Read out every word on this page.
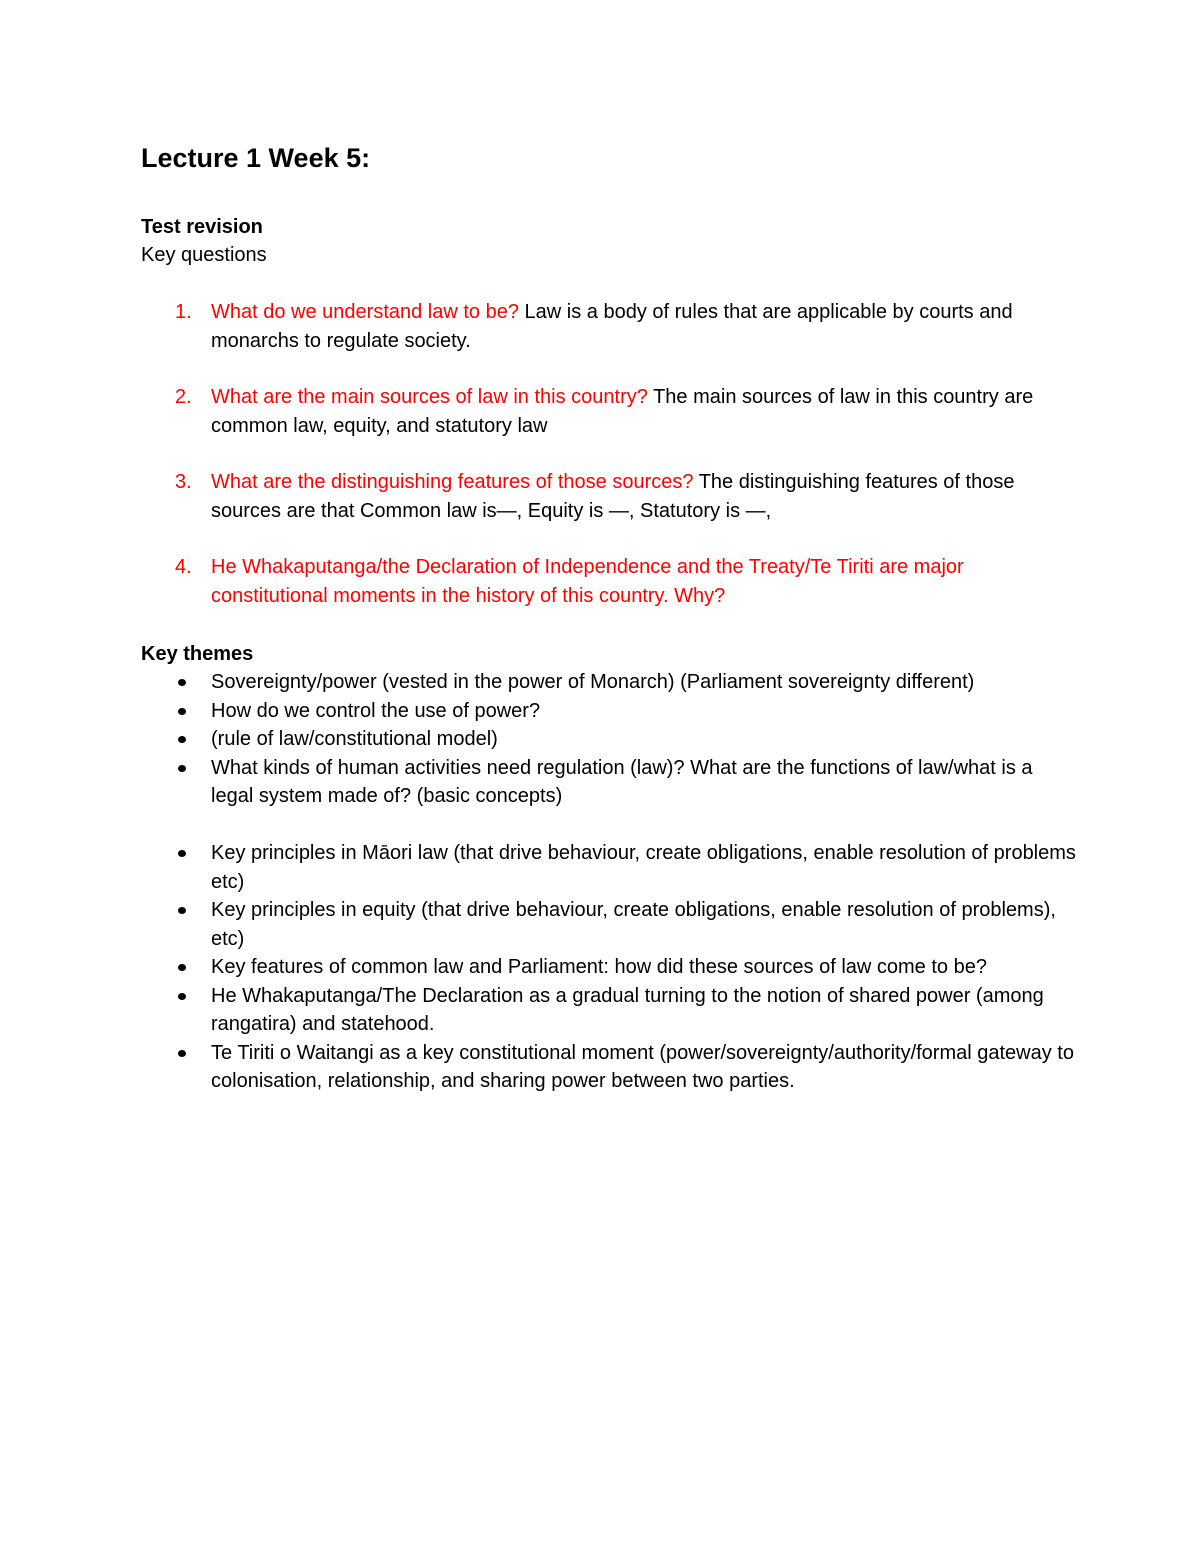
Lecture 1 Week 5:
Test revision

Key questions

1. What do we understand law to be? Law is a body of rules that are applicable by courts and monarchs to regulate society.
2. What are the main sources of law in this country? The main sources of law in this country are common law, equity, and statutory law
3. What are the distinguishing features of those sources? The distinguishing features of those sources are that Common law is—, Equity is —, Statutory is —,
4. He Whakaputanga/the Declaration of Independence and the Treaty/Te Tiriti are major constitutional moments in the history of this country. Why?
Key themes
Sovereignty/power (vested in the power of Monarch) (Parliament sovereignty different)
How do we control the use of power?
(rule of law/constitutional model)
What kinds of human activities need regulation (law)? What are the functions of law/what is a legal system made of? (basic concepts)
Key principles in Māori law (that drive behaviour, create obligations, enable resolution of problems etc)
Key principles in equity (that drive behaviour, create obligations, enable resolution of problems), etc)
Key features of common law and Parliament: how did these sources of law come to be?
He Whakaputanga/The Declaration as a gradual turning to the notion of shared power (among rangatira) and statehood.
Te Tiriti o Waitangi as a key constitutional moment (power/sovereignty/authority/formal gateway to colonisation, relationship, and sharing power between two parties.
